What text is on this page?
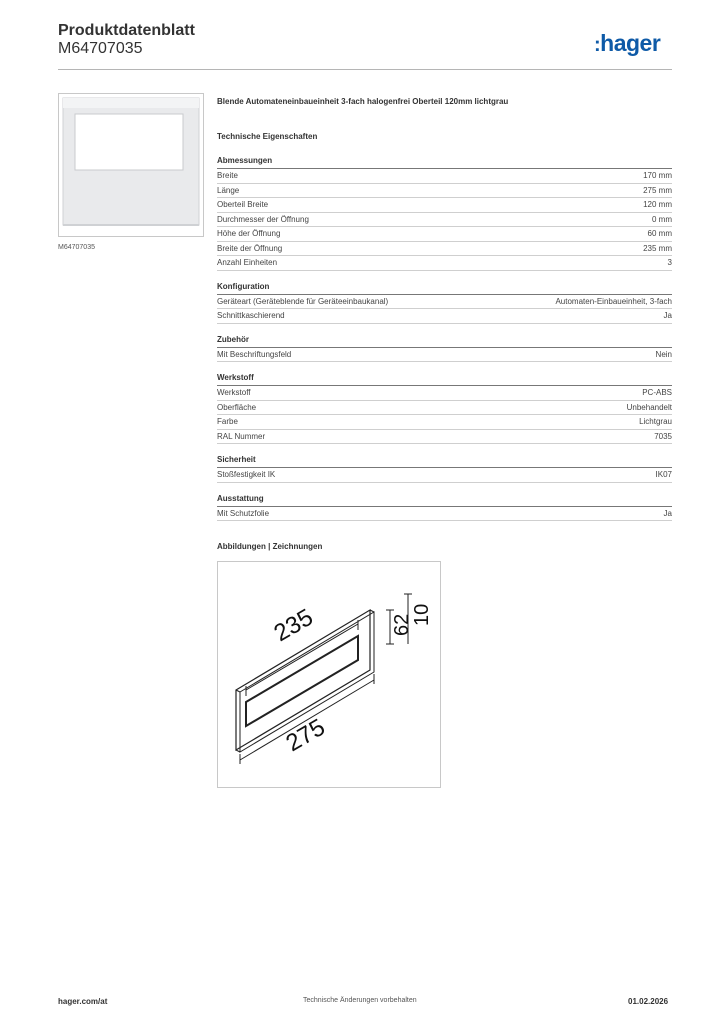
Produktdatenblatt
M64707035	:hager
M64707035
Blende Automateneinbaueinheit 3-fach halogenfrei Oberteil 120mm lichtgrau
Technische Eigenschaften
Abmessungen
Breite	170 mm
Länge	275 mm
Oberteil Breite	120 mm
Durchmesser der Öffnung	0 mm
Höhe der Öffnung	60 mm
Breite der Öffnung	235 mm
Anzahl Einheiten	3
Konfiguration
Geräteart (Geräteblende für Geräteeinbaukanal)	Automaten-Einbaueinheit, 3-fach
Schnittkaschierend	Ja
Zubehör
Mit Beschriftungsfeld	Nein
Werkstoff
Werkstoff	PC-ABS
Oberfläche	Unbehandelt
Farbe	Lichtgrau
RAL Nummer	7035
Sicherheit
Stoßfestigkeit IK	IK07
Ausstattung
Mit Schutzfolie	Ja
Abbildungen | Zeichnungen
235
275
62
10
hager.com/at	Technische Änderungen vorbehalten	01.02.2026
